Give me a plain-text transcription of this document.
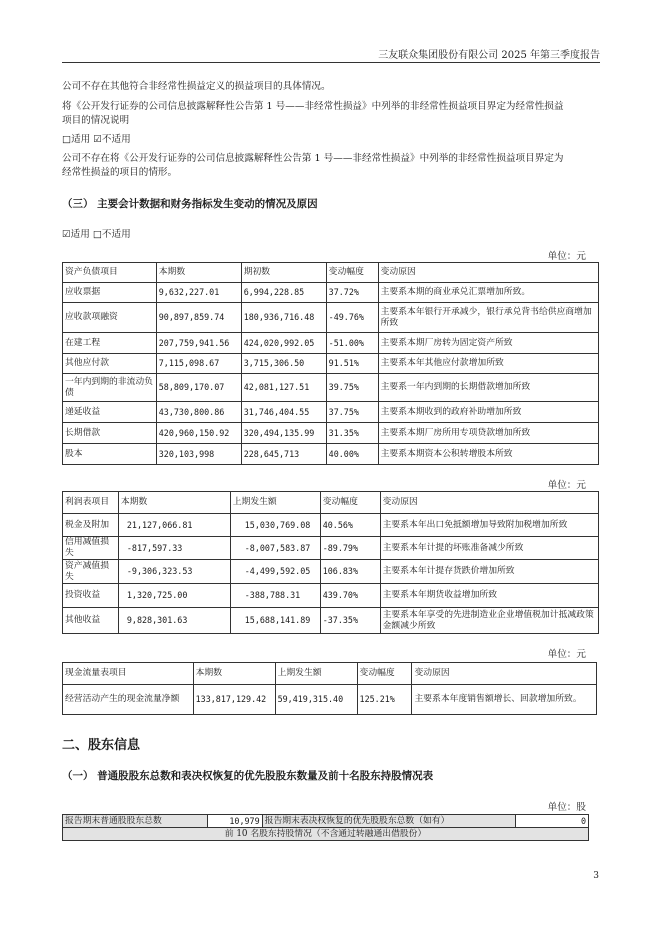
三友联众集团股份有限公司 2025 年第三季度报告
公司不存在其他符合非经常性损益定义的损益项目的具体情况。
将《公开发行证券的公司信息披露解释性公告第 1 号——非经常性损益》中列举的非经常性损益项目界定为经常性损益
项目的情况说明
□适用 ☑不适用
公司不存在将《公开发行证券的公司信息披露解释性公告第 1 号——非经常性损益》中列举的非经常性损益项目界定为
经常性损益的项目的情形。
（三） 主要会计数据和财务指标发生变动的情况及原因
☑适用 □不适用
单位：元
资产负债项目	本期数	期初数	变动幅度	变动原因
应收票据	9,632,227.01	6,994,228.85	37.72%	主要系本期的商业承兑汇票增加所致。
应收款项融资	90,897,859.74	180,936,716.48	-49.76%	主要系本年银行开承减少，银行承兑背书给供应商增加所致
在建工程	207,759,941.56	424,020,992.05	-51.00%	主要系本期厂房转为固定资产所致
其他应付款	7,115,098.67	3,715,306.50	91.51%	主要系本年其他应付款增加所致
一年内到期的非流动负债	58,809,170.07	42,081,127.51	39.75%	主要系一年内到期的长期借款增加所致
递延收益	43,730,800.86	31,746,404.55	37.75%	主要系本期收到的政府补助增加所致
长期借款	420,960,150.92	320,494,135.99	31.35%	主要系本期厂房所用专项贷款增加所致
股本	320,103,998	228,645,713	40.00%	主要系本期资本公积转增股本所致
单位：元
利润表项目	本期数	上期发生额	变动幅度	变动原因
税金及附加	21,127,066.81	15,030,769.08	40.56%	主要系本年出口免抵额增加导致附加税增加所致
信用减值损失	-817,597.33	-8,007,583.87	-89.79%	主要系本年计提的坏账准备减少所致
资产减值损失	-9,306,323.53	-4,499,592.05	106.83%	主要系本年计提存货跌价增加所致
投资收益	1,320,725.00	-388,788.31	439.70%	主要系本年期货收益增加所致
其他收益	9,828,301.63	15,688,141.89	-37.35%	主要系本年享受的先进制造业企业增值税加计抵减政策金额减少所致
单位：元
现金流量表项目	本期数	上期发生额	变动幅度	变动原因
经营活动产生的现金流量净额	133,817,129.42	59,419,315.40	125.21%	主要系本年度销售额增长、回款增加所致。
二、股东信息
（一） 普通股股东总数和表决权恢复的优先股股东数量及前十名股东持股情况表
单位：股
报告期末普通股股东总数	10,979	报告期末表决权恢复的优先股股东总数（如有）	0
前 10 名股东持股情况（不含通过转融通出借股份）
3
